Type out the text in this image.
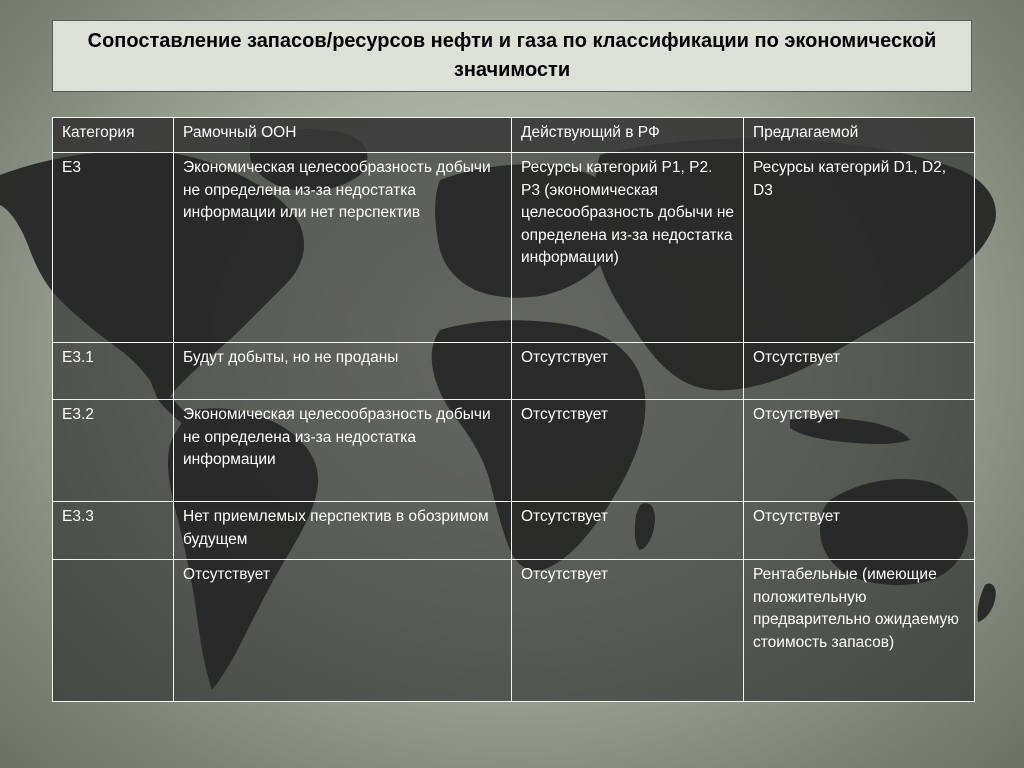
Сопоставление запасов/ресурсов нефти и газа по классификации по экономической значимости
Категория	Рамочный ООН	Действующий в РФ	Предлагаемой
Е3	Экономическая целесообразность добычи не определена из-за недостатка информации или нет перспектив	Ресурсы категорий Р1, Р2. Р3 (экономическая целесообразность добычи не определена из-за недостатка информации)	Ресурсы категорий D1, D2, D3
Е3.1	Будут добыты, но не проданы	Отсутствует	Отсутствует
Е3.2	Экономическая целесообразность добычи не определена из-за недостатка информации	Отсутствует	Отсутствует
Е3.3	Нет приемлемых перспектив в обозримом будущем	Отсутствует	Отсутствует
	Отсутствует	Отсутствует	Рентабельные (имеющие положительную предварительно ожидаемую стоимость запасов)
